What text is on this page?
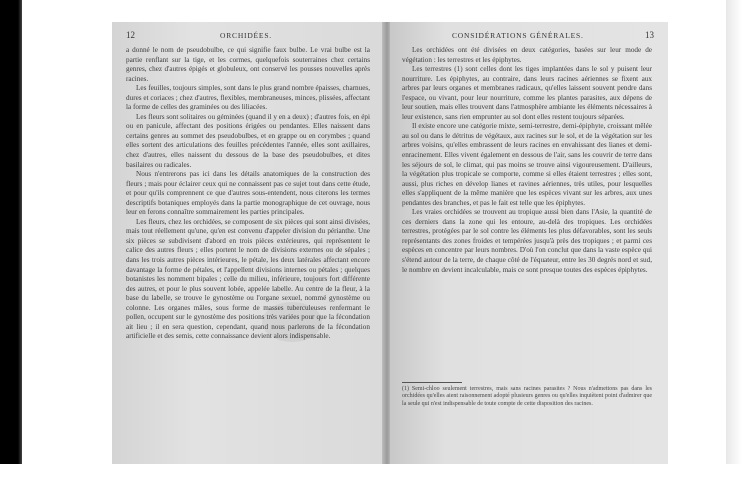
12	ORCHIDÉES.

a donné le nom de pseudobulbe, ce qui signifie faux bulbe. Le vrai bulbe est la partie renflant sur la tige, et les cormes, quelquefois souterraines chez certains genres, chez d'autres épigés et globuleux, ont conservé les pousses nouvelles après racines.

Les feuilles, toujours simples, sont dans le plus grand nombre épaisses, charnues, dures et coriaces ; chez d'autres, flexibles, membraneuses, minces, plissées, affectant la forme de celles des graminées ou des liliacées.

Les fleurs sont solitaires ou géminées (quand il y en a deux) ; d'autres fois, en épi ou en panicule, affectant des positions érigées ou pendantes. Elles naissent dans certains genres au sommet des pseudobulbes, et en grappe ou en corymbes ; quand elles sortent des articulations des feuilles précédentes l'année, elles sont axillaires, chez d'autres, elles naissent du dessous de la base des pseudobulbes, et dites basilaires ou radicales.

Nous n'entrerons pas ici dans les détails anatomiques de la construction des fleurs ; mais pour éclairer ceux qui ne connaissent pas ce sujet tout dans cette étude, et pour qu'ils comprennent ce que d'autres sous-entendent, nous citerons les termes descriptifs botaniques employés dans la partie monographique de cet ouvrage, nous leur en ferons connaître sommairement les parties principales.

Les fleurs, chez les orchidées, se composent de six pièces qui sont ainsi divisées, mais tout réellement qu'une, qu'en est convenu d'appeler division du périanthe. Une six pièces se subdivisent d'abord en trois pièces extérieures, qui représentent le calice des autres fleurs ; elles portent le nom de divisions externes ou de sépales ; dans les trois autres pièces intérieures, le pétale, les deux latérales affectant encore davantage la forme de pétales, et l'appellent divisions internes ou pétales ; quelques botanistes les nomment bipales ; celle du milieu, inférieure, toujours fort différente des autres, et pour le plus souvent lobée, appelée labelle. Au centre de la fleur, à la base du labelle, se trouve le gynostème ou l'organe sexuel, nommé gynostème ou colonne. Les organes mâles, sous forme de masses tuberculeuses renfermant le pollen, occupent sur le gynostème des positions très variées pour que la fécondation ait lieu ; il en sera question, cependant, quand nous parlerons de la fécondation artificielle et des semis, cette connaissance devient alors indispensable.

CONSIDÉRATIONS GÉNÉRALES.	13

Les orchidées ont été divisées en deux catégories, basées sur leur mode de végétation : les terrestres et les épiphytes.

Les terrestres (1) sont celles dont les tiges implantées dans le sol y puisent leur nourriture. Les épiphytes, au contraire, dans leurs racines aériennes se fixent aux arbres par leurs organes et membranes radicaux, qu'elles laissent souvent pendre dans l'espace, ou vivant, pour leur nourriture, comme les plantes parasites, aux dépens de leur soutien, mais elles trouvent dans l'atmosphère ambiante les éléments nécessaires à leur existence, sans rien emprunter au sol dont elles restent toujours séparées.

Il existe encore une catégorie mixte, semi-terrestre, demi-épiphyte, croissant mêlée au sol ou dans le détritus de végétaux, aux racines sur le sol, et de la végétation sur les arbres voisins, qu'elles embrassent de leurs racines en envahissant des lianes et demi-enracinement. Elles vivent également en dessous de l'air, sans les couvrir de terre dans les séjours de sol, le climat, qui pas moins se trouve ainsi vigoureusement. D'ailleurs, la végétation plus tropicale se comporte, comme si elles étaient terrestres ; elles sont, aussi, plus riches en dévelop lianes et ravines aériennes, très utiles, pour lesquelles elles s'appliquent de la même manière que les espèces vivant sur les arbres, aux unes pendantes des branches, et pas le fait est telle que les épiphytes.

Les vraies orchidées se trouvent au tropique aussi bien dans l'Asie, la quantité de ces derniers dans la zone qui les entoure, au-delà des tropiques. Les orchidées terrestres, protégées par le sol contre les éléments les plus défavorables, sont les seuls représentants des zones froides et tempérées jusqu'à près des tropiques ; et parmi ces espèces en concentre par leurs nombres. D'où l'on conclut que dans la vaste espèce qui s'étend autour de la terre, de chaque côté de l'équateur, entre les 30 degrés nord et sud, le nombre en devient incalculable, mais ce sont presque toutes des espèces épiphytes.

(1) Semi-chloo seulement terrestres, mais sans racines parasites ? Nous n'admettons pas dans les orchidées qu'elles aient raisonnement adopté plusieurs genres ou qu'elles inquiètent point d'admirer que la seule qui n'est indispensable de toute compte de cette disposition des racines.
